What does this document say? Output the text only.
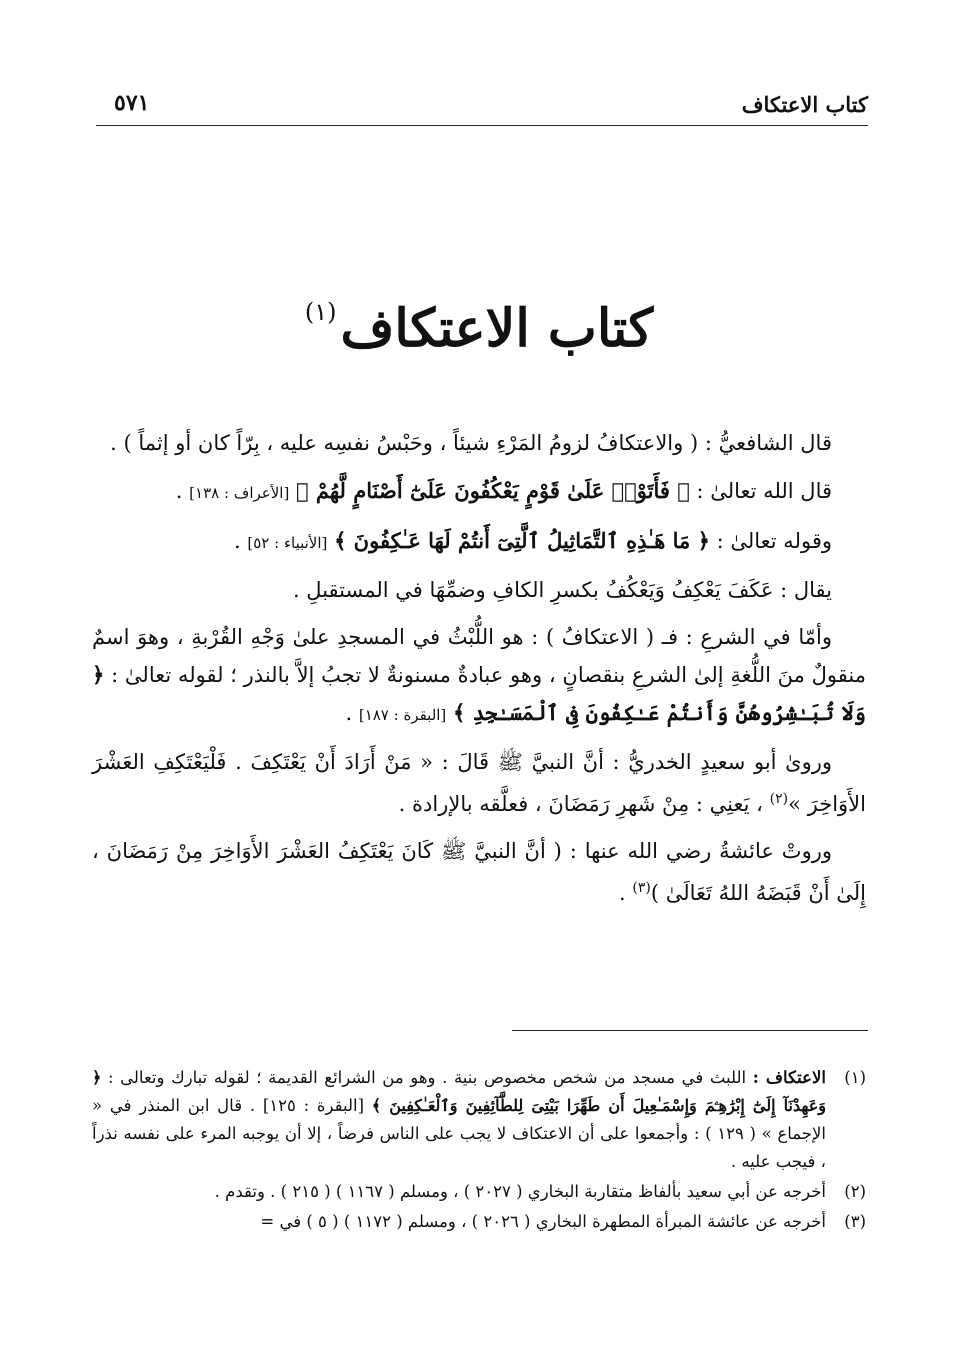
كتاب الاعتكاف
٥٧١
كتاب الاعتكاف$^{(١)}$

قال الشافعيُّ : ( والاعتكافُ لزومُ المَرْءِ شيئاً ، وحَبْسُ نفسِه عليه ، بِرّاً كان أو إثماً ) .

قال الله تعالىٰ : ﴿ فَأَتَوْا۟ عَلَىٰ قَوْمٍ يَعْكُفُونَ عَلَىٰٓ أَصْنَامٍ لَّهُمْ ﴾ [الأعراف : ١٣٨] .

وقوله تعالىٰ : ﴿ مَا هَـٰذِهِ ٱلتَّمَاثِيلُ ٱلَّتِىٓ أَنتُمْ لَهَا عَـٰكِفُونَ ﴾ [الأنبياء : ٥٢] .

يقال : عَكَفَ يَعْكِفُ وَيَعْكُفُ بكسرِ الكافِ وضمِّهَا في المستقبلِ .

وأمّا في الشرعِ : فـ ( الاعتكافُ ) : هو اللُّبْثُ في المسجدِ علىٰ وَجْهِ القُرْبةِ ، وهوَ اسمٌ منقولٌ منَ اللُّغةِ إلىٰ الشرعِ بنقصانٍ ، وهو عبادةٌ مسنونةٌ لا تجبُ إلاَّ بالنذر ؛ لقوله تعالىٰ : ﴿ وَلَا تُبَـٰشِرُوهُنَّ وَأَنتُمْ عَـٰكِفُونَ فِى ٱلْمَسَـٰجِدِ ﴾ [البقرة : ١٨٧] .

وروىٰ أبو سعيدٍ الخدريُّ : أنَّ النبيَّ ﷺ قَالَ : « مَنْ أَرَادَ أَنْ يَعْتَكِفَ . فَلْيَعْتَكِفِ العَشْرَ الأَوَاخِرَ »$^{(٢)}$ ، يَعنِي : مِنْ شَهرِ رَمَضَانَ ، فعلَّقه بالإرادة .

وروتْ عائشةُ رضي الله عنها : ( أنَّ النبيَّ ﷺ كَانَ يَعْتَكِفُ العَشْرَ الأَوَاخِرَ مِنْ رَمَضَانَ ، إِلَىٰ أَنْ قَبَضَهُ اللهُ تَعَالَىٰ )$^{(٣)}$ .

(١)
الاعتكاف : اللبث في مسجد من شخص مخصوص بنية . وهو من الشرائع القديمة ؛ لقوله تبارك وتعالى : ﴿ وَعَهِدْنَآ إِلَىٰٓ إِبْرَٰهِـۧمَ وَإِسْمَـٰعِيلَ أَن طَهِّرَا بَيْتِىَ لِلطَّآئِفِينَ وَٱلْعَـٰكِفِينَ ﴾ [البقرة : ١٢٥] . قال ابن المنذر في « الإجماع » ( ١٢٩ ) : وأجمعوا على أن الاعتكاف لا يجب على الناس فرضاً ، إلا أن يوجبه المرء على نفسه نذراً ، فيجب عليه .
(٢)
أخرجه عن أبي سعيد بألفاظ متقاربة البخاري ( ٢٠٢٧ ) ، ومسلم ( ١١٦٧ ) ( ٢١٥ ) . وتقدم .
(٣)
أخرجه عن عائشة المبرأة المطهرة البخاري ( ٢٠٢٦ ) ، ومسلم ( ١١٧٢ ) ( ٥ ) في =
